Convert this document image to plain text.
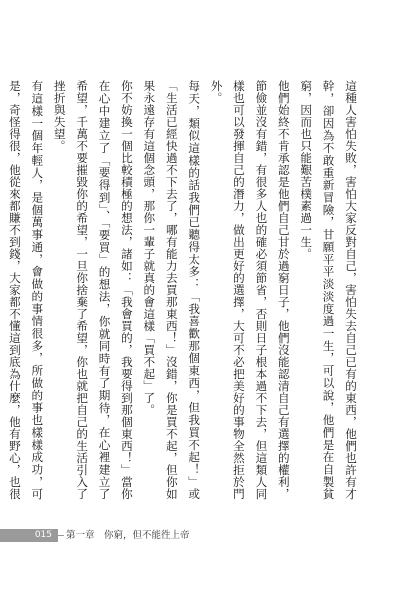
這種人害怕失敗，害怕大家反對自己，害怕失去自己已有的東西，他們也許有才幹，卻因為不敢重新冒險，甘願平平淡淡度過一生，可以說，他們是在自製貧窮，因而也只能艱苦樸素過一生。

他們始終不肯承認是他們自己甘於過窮日子，他們沒能認清自己有選擇的權利，節儉並沒有錯，有很多人也的確必須節省，否則日子根本過不下去，但這類人同樣也可以發揮自己的潛力，做出更好的選擇，大可不必把美好的事物全然拒於門外。

每天，類似這樣的話我們已聽得太多：「我喜歡那個東西，但我買不起！」或「生活已經快過不下去了，哪有能力去買那東西！」沒錯，你是買不起，但你如果永遠存有這個念頭，那你一輩子就真的會這樣「買不起」了。

你不妨換一個比較積極的想法，諸如：「我會買的，我要得到那個東西！」當你在心中建立了「要得到」、「要買」的想法，你就同時有了期待，在心裡建立了希望，千萬不要摧毀你的希望，一旦你捨棄了希望，你也就把自己的生活引入了挫折與失望。

有這樣一個年輕人，是個萬事通，會做的事情很多，所做的事也樣樣成功，可是，奇怪得很，他從來都賺不到錢，大家都不懂這到底為什麼，他有野心，也很

015 第一章　你窮，但不能徃上帝
